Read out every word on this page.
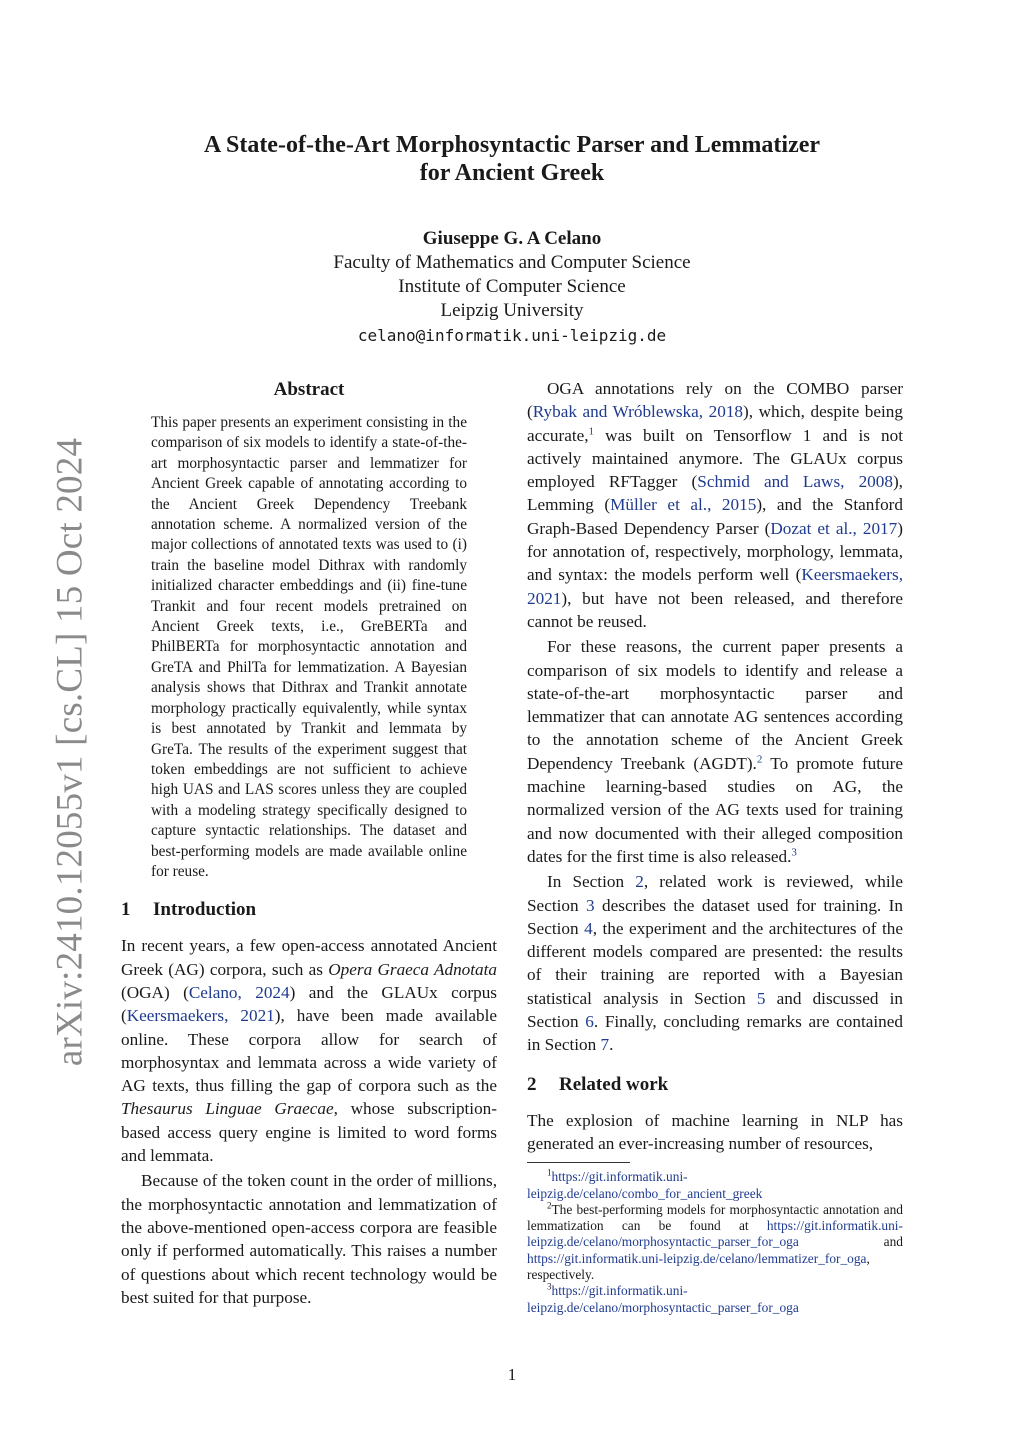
arXiv:2410.12055v1 [cs.CL] 15 Oct 2024
A State-of-the-Art Morphosyntactic Parser and Lemmatizer
for Ancient Greek
Giuseppe G. A Celano
Faculty of Mathematics and Computer Science
Institute of Computer Science
Leipzig University
celano@informatik.uni-leipzig.de
Abstract
This paper presents an experiment consisting in the comparison of six models to identify a state-of-the-art morphosyntactic parser and lemmatizer for Ancient Greek capable of annotating according to the Ancient Greek Dependency Treebank annotation scheme. A normalized version of the major collections of annotated texts was used to (i) train the baseline model Dithrax with randomly initialized character embeddings and (ii) fine-tune Trankit and four recent models pretrained on Ancient Greek texts, i.e., GreBERTa and PhilBERTa for morphosyntactic annotation and GreTA and PhilTa for lemmatization. A Bayesian analysis shows that Dithrax and Trankit annotate morphology practically equivalently, while syntax is best annotated by Trankit and lemmata by GreTa. The results of the experiment suggest that token embeddings are not sufficient to achieve high UAS and LAS scores unless they are coupled with a modeling strategy specifically designed to capture syntactic relationships. The dataset and best-performing models are made available online for reuse.
1 Introduction

In recent years, a few open-access annotated Ancient Greek (AG) corpora, such as Opera Graeca Adnotata (OGA) (Celano, 2024) and the GLAUx corpus (Keersmaekers, 2021), have been made available online. These corpora allow for search of morphosyntax and lemmata across a wide variety of AG texts, thus filling the gap of corpora such as the Thesaurus Linguae Graecae, whose subscription-based access query engine is limited to word forms and lemmata.

Because of the token count in the order of millions, the morphosyntactic annotation and lemmatization of the above-mentioned open-access corpora are feasible only if performed automatically. This raises a number of questions about which recent technology would be best suited for that purpose.

OGA annotations rely on the COMBO parser (Rybak and Wróblewska, 2018), which, despite being accurate,$^1$ was built on Tensorflow 1 and is not actively maintained anymore. The GLAUx corpus employed RFTagger (Schmid and Laws, 2008), Lemming (Müller et al., 2015), and the Stanford Graph-Based Dependency Parser (Dozat et al., 2017) for annotation of, respectively, morphology, lemmata, and syntax: the models perform well (Keersmaekers, 2021), but have not been released, and therefore cannot be reused.

For these reasons, the current paper presents a comparison of six models to identify and release a state-of-the-art morphosyntactic parser and lemmatizer that can annotate AG sentences according to the annotation scheme of the Ancient Greek Dependency Treebank (AGDT).$^2$ To promote future machine learning-based studies on AG, the normalized version of the AG texts used for training and now documented with their alleged composition dates for the first time is also released.$^3$

In Section 2, related work is reviewed, while Section 3 describes the dataset used for training. In Section 4, the experiment and the architectures of the different models compared are presented: the results of their training are reported with a Bayesian statistical analysis in Section 5 and discussed in Section 6. Finally, concluding remarks are contained in Section 7.

2 Related work

The explosion of machine learning in NLP has generated an ever-increasing number of resources,

$^1$https://git.informatik.uni-leipzig.de/celano/combo_for_ancient_greek

$^2$The best-performing models for morphosyntactic annotation and lemmatization can be found at https://git.informatik.uni-leipzig.de/celano/morphosyntactic_parser_for_oga and https://git.informatik.uni-leipzig.de/celano/lemmatizer_for_oga, respectively.

$^3$https://git.informatik.uni-leipzig.de/celano/morphosyntactic_parser_for_oga

1
